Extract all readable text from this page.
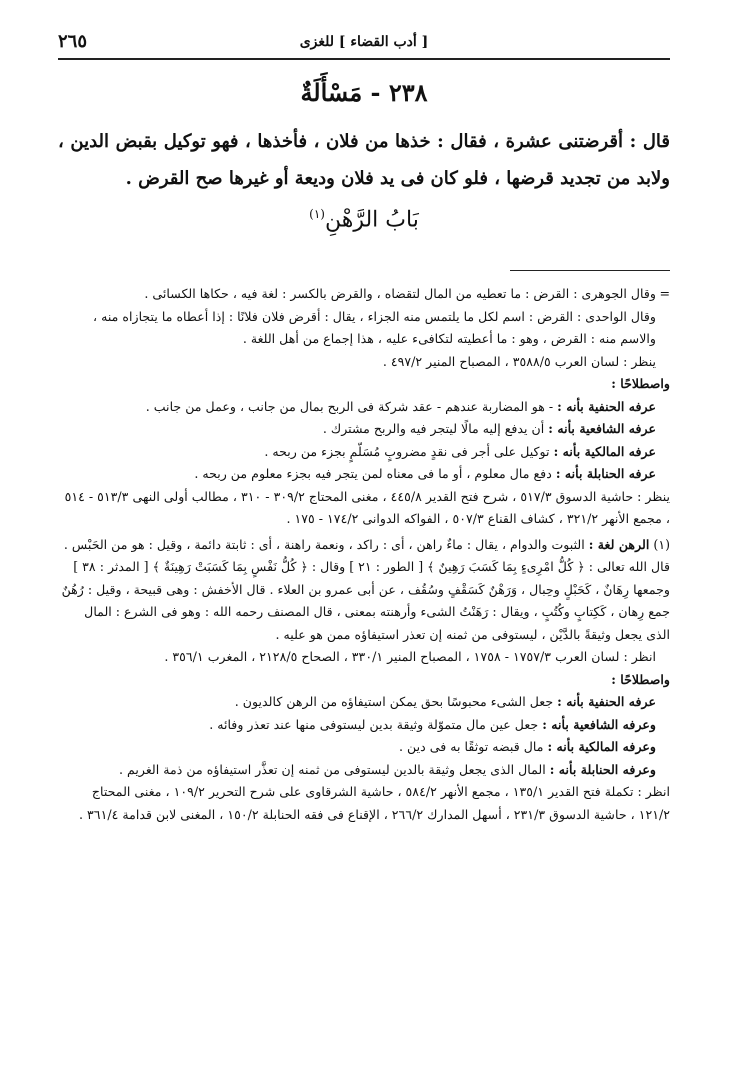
[ أدب القضاء ] للغزى
٢٦٥
٢٣٨ - مَسْأَلَةٌ

قال : أقرضتنى عشرة ، فقال : خذها من فلان ، فأخذها ، فهو توكيل بقبض الدين ، ولابد من تجديد قرضها ، فلو كان فى يد فلان وديعة أو غيرها صح القرض .

بَابُ الرَّهْنِ$^{(١)}$

=
وقال الجوهرى : القرض : ما تعطيه من المال لتقضاه ، والقرض بالكسر : لغة فيه ، حكاها الكسائى .

وقال الواحدى : القرض : اسم لكل ما يلتمس منه الجزاء ، يقال : أقرض فلان فلانًا : إذا أعطاه ما يتجازاه منه ، والاسم منه : القرض ، وهو : ما أعطيته لتكافىء عليه ، هذا إجماع من أهل اللغة .

ينظر : لسان العرب ٣٥٨٨/٥ ، المصباح المنير ٤٩٧/٢ .

واصطلاحًا :

عرفه الحنفية بأنه : - هو المضاربة عندهم - عقد شركة فى الربح بمال من جانب ، وعمل من جانب .

عرفه الشافعية بأنه : أن يدفع إليه مالًا ليتجر فيه والربح مشترك .

عرفه المالكية بأنه : توكيل على أجر فى نقدٍ مضروبٍ مُسَلّمٍ بجزء من ربحه .

عرفه الحنابلة بأنه : دفع مال معلوم ، أو ما فى معناه لمن يتجر فيه بجزء معلوم من ربحه .

ينظر : حاشية الدسوق ٥١٧/٣ ، شرح فتح القدير ٤٤٥/٨ ، مغنى المحتاج ٣٠٩/٢ - ٣١٠ ، مطالب أولى النهى ٥١٣/٣ - ٥١٤ ، مجمع الأنهر ٣٢١/٢ ، كشاف القناع ٥٠٧/٣ ، الفواكه الدوانى ١٧٤/٢ - ١٧٥ .

(١) الرهن لغة : الثبوت والدوام ، يقال : ماءٌ راهن ، أى : راكد ، ونعمة راهنة ، أى : ثابتة دائمة ، وقيل : هو من الحَبْس . قال الله تعالى : ﴿ كُلُّ امْرِىءٍ بِمَا كَسَبَ رَهِينٌ ﴾ [ الطور : ٢١ ] وقال : ﴿ كُلُّ نَفْسٍ بِمَا كَسَبَتْ رَهِينَةٌ ﴾ [ المدثر : ٣٨ ] وجمعها رِهَانٌ ، كَحَبْلٍ وحِبال ، وَرَهْنٌ كَسَقْفٍ وسُقُف ، عن أبى عمرو بن العلاء . قال الأخفش : وهى قبيحة ، وقيل : رُهُنٌ جمع رِهان ، كَكِتابٍ وكُتُبٍ ، ويقال : رَهَنْتُ الشىء وأرهنته بمعنى ، قال المصنف رحمه الله : وهو فى الشرع : المال الذى يجعل وثيقةً بالدَّيْن ، ليستوفى من ثمنه إن تعذر استيفاؤه ممن هو عليه .

انظر : لسان العرب ١٧٥٧/٣ - ١٧٥٨ ، المصباح المنير ٣٣٠/١ ، الصحاح ٢١٢٨/٥ ، المغرب ٣٥٦/١ .

واصطلاحًا :

عرفه الحنفية بأنه : جعل الشىء محبوسًا بحق يمكن استيفاؤه من الرهن كالديون .

وعرفه الشافعية بأنه : جعل عين مال متموّلة وثيقة بدين ليستوفى منها عند تعذر وفائه .

وعرفه المالكية بأنه : مال قبضه توثقًا به فى دين .

وعرفه الحنابلة بأنه : المال الذى يجعل وثيقة بالدين ليستوفى من ثمنه إن تعذَّر استيفاؤه من ذمة الغريم .

انظر : تكملة فتح القدير ١٣٥/١ ، مجمع الأنهر ٥٨٤/٢ ، حاشية الشرقاوى على شرح التحرير ١٠٩/٢ ، مغنى المحتاج ١٢١/٢ ، حاشية الدسوق ٢٣١/٣ ، أسهل المدارك ٢٦٦/٢ ، الإقناع فى فقه الحنابلة ١٥٠/٢ ، المغنى لابن قدامة ٣٦١/٤ .
